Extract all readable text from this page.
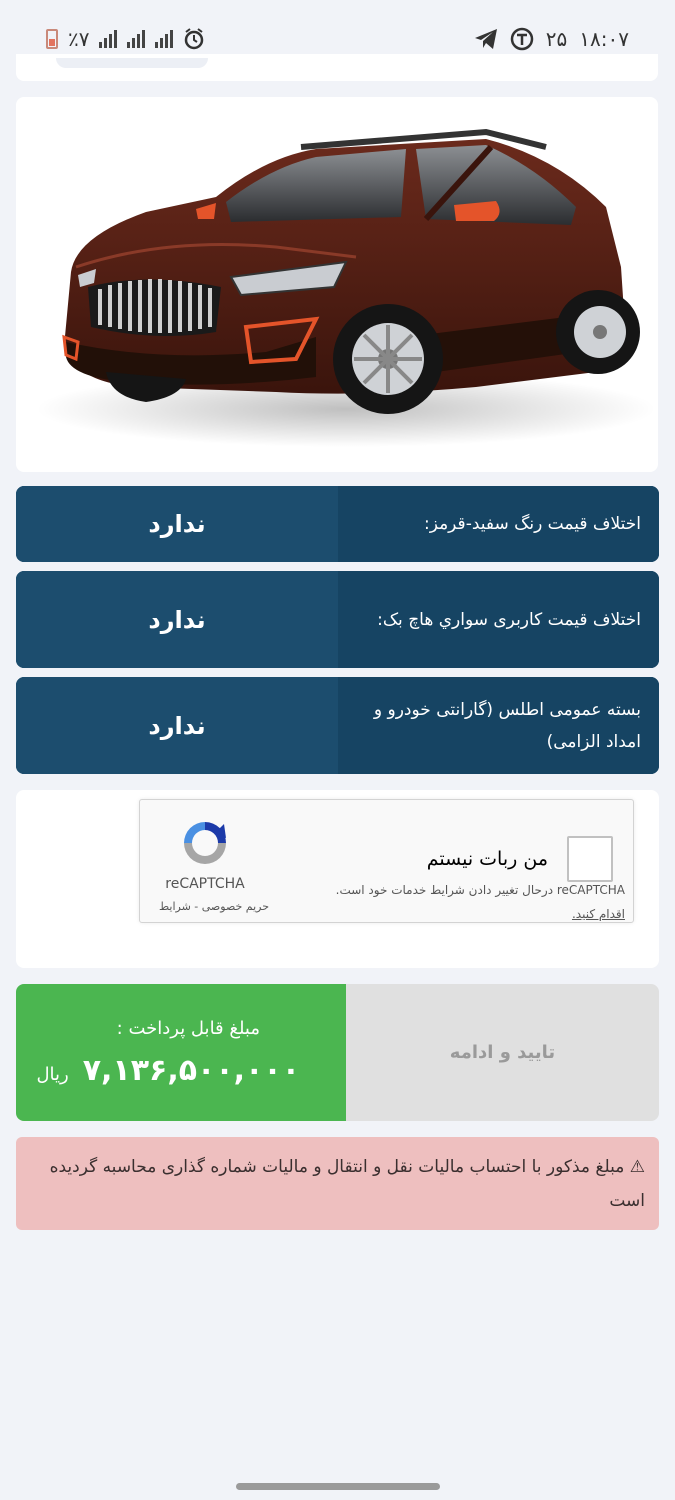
٪۷	۲۵ ۱۸:۰۷
اختلاف قیمت رنگ سفید-قرمز:
ندارد
اختلاف قیمت کاربری سواري هاچ بک:
ندارد
بسته عمومی اطلس (گارانتی خودرو و امداد الزامی)
ندارد
من ربات نیستم
reCAPTCHA درحال تغییر دادن شرایط خدمات خود است. اقدام کنید.
reCAPTCHA
حریم خصوصی - شرایط
مبلغ قابل پرداخت :
۷,۱۳۶,۵۰۰,۰۰۰
ریال
تایید و ادامه
⚠ مبلغ مذکور با احتساب مالیات نقل و انتقال و مالیات شماره گذاری محاسبه گردیده است
